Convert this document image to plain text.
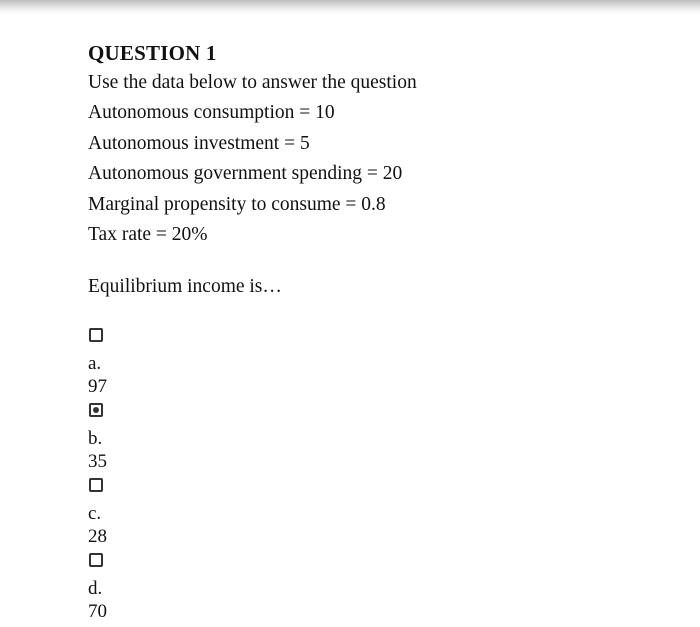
QUESTION 1

Use the data below to answer the question

Autonomous consumption = 10

Autonomous investment = 5

Autonomous government spending = 20

Marginal propensity to consume = 0.8

Tax rate = 20%

Equilibrium income is…

a.
97
b.
35
c.
28
d.
70
